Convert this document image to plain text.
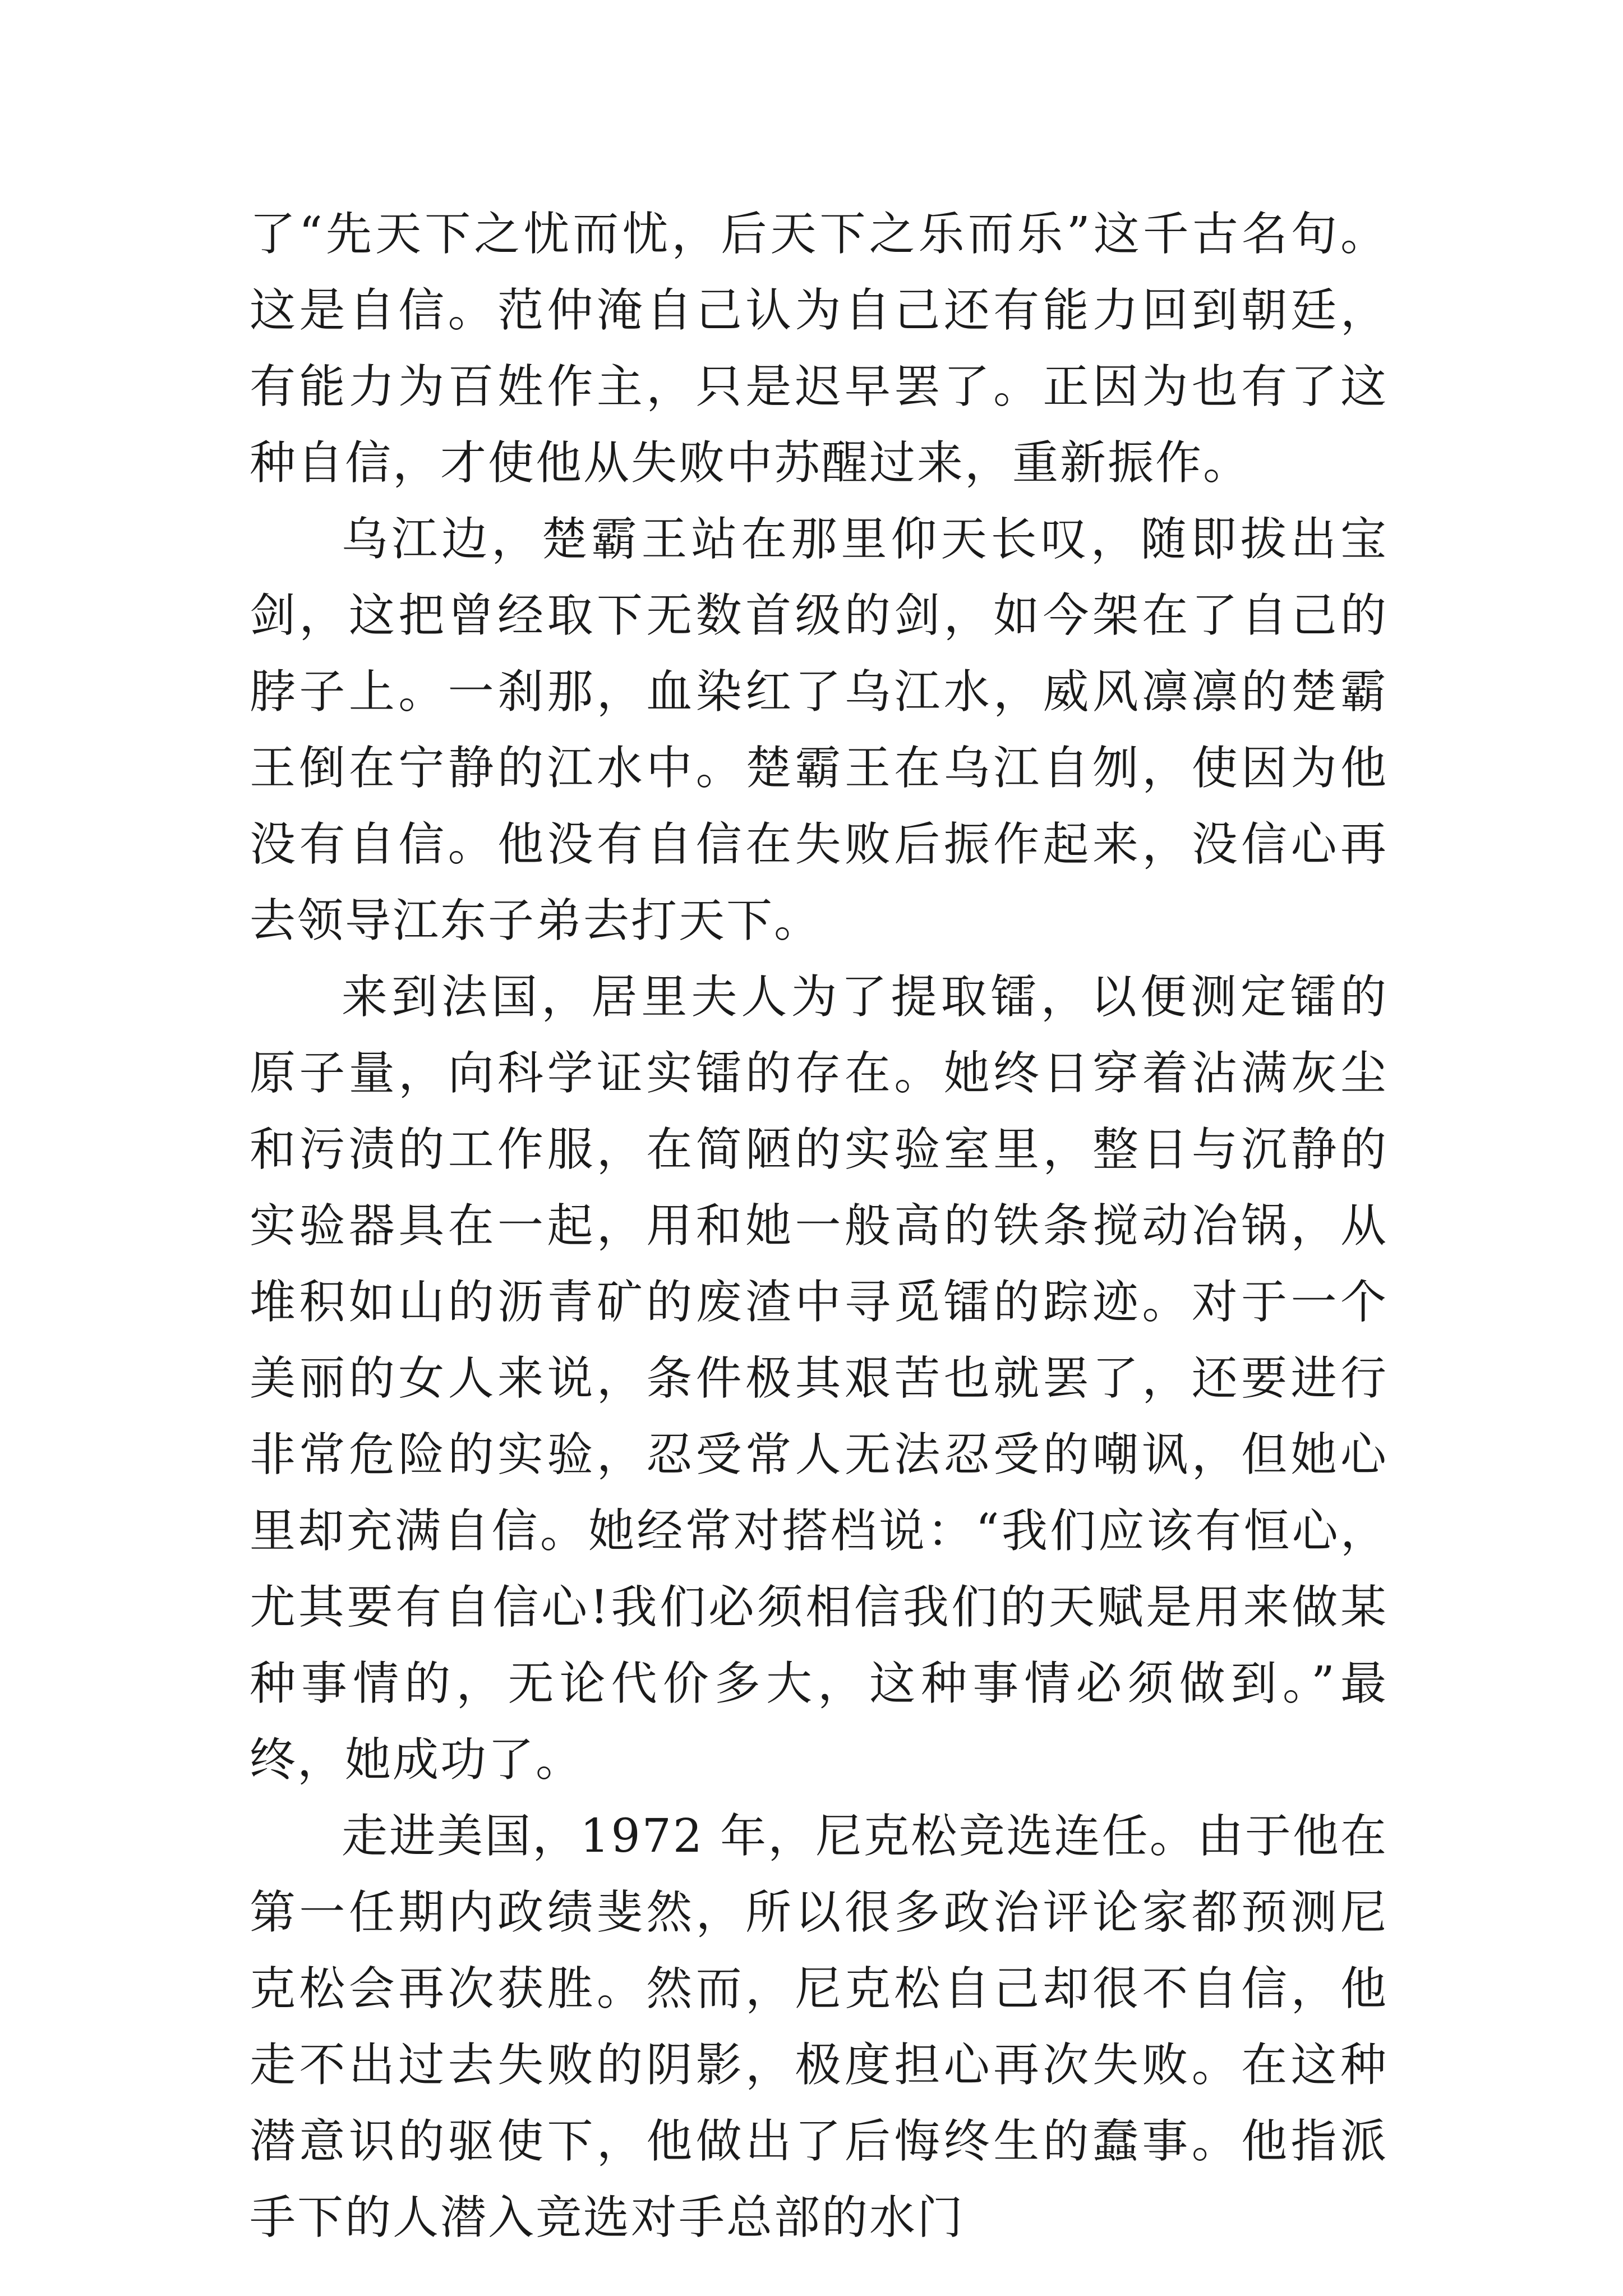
了“先天下之忧而忧，后天下之乐而乐”这千古名句。这是自信。范仲淹自己认为自己还有能力回到朝廷，有能力为百姓作主，只是迟早罢了。正因为也有了这种自信，才使他从失败中苏醒过来，重新振作。

乌江边，楚霸王站在那里仰天长叹，随即拔出宝剑，这把曾经取下无数首级的剑，如今架在了自己的脖子上。一刹那，血染红了乌江水，威风凛凛的楚霸王倒在宁静的江水中。楚霸王在乌江自刎，使因为他没有自信。他没有自信在失败后振作起来，没信心再去领导江东子弟去打天下。

来到法国，居里夫人为了提取镭，以便测定镭的原子量，向科学证实镭的存在。她终日穿着沾满灰尘和污渍的工作服，在简陋的实验室里，整日与沉静的实验器具在一起，用和她一般高的铁条搅动冶锅，从堆积如山的沥青矿的废渣中寻觅镭的踪迹。对于一个美丽的女人来说，条件极其艰苦也就罢了，还要进行非常危险的实验，忍受常人无法忍受的嘲讽，但她心里却充满自信。她经常对搭档说：“我们应该有恒心，尤其要有自信心!我们必须相信我们的天赋是用来做某种事情的，无论代价多大，这种事情必须做到。”最终，她成功了。

走进美国，1972 年，尼克松竞选连任。由于他在第一任期内政绩斐然，所以很多政治评论家都预测尼克松会再次获胜。然而，尼克松自己却很不自信，他走不出过去失败的阴影，极度担心再次失败。在这种潜意识的驱使下，他做出了后悔终生的蠢事。他指派手下的人潜入竞选对手总部的水门
